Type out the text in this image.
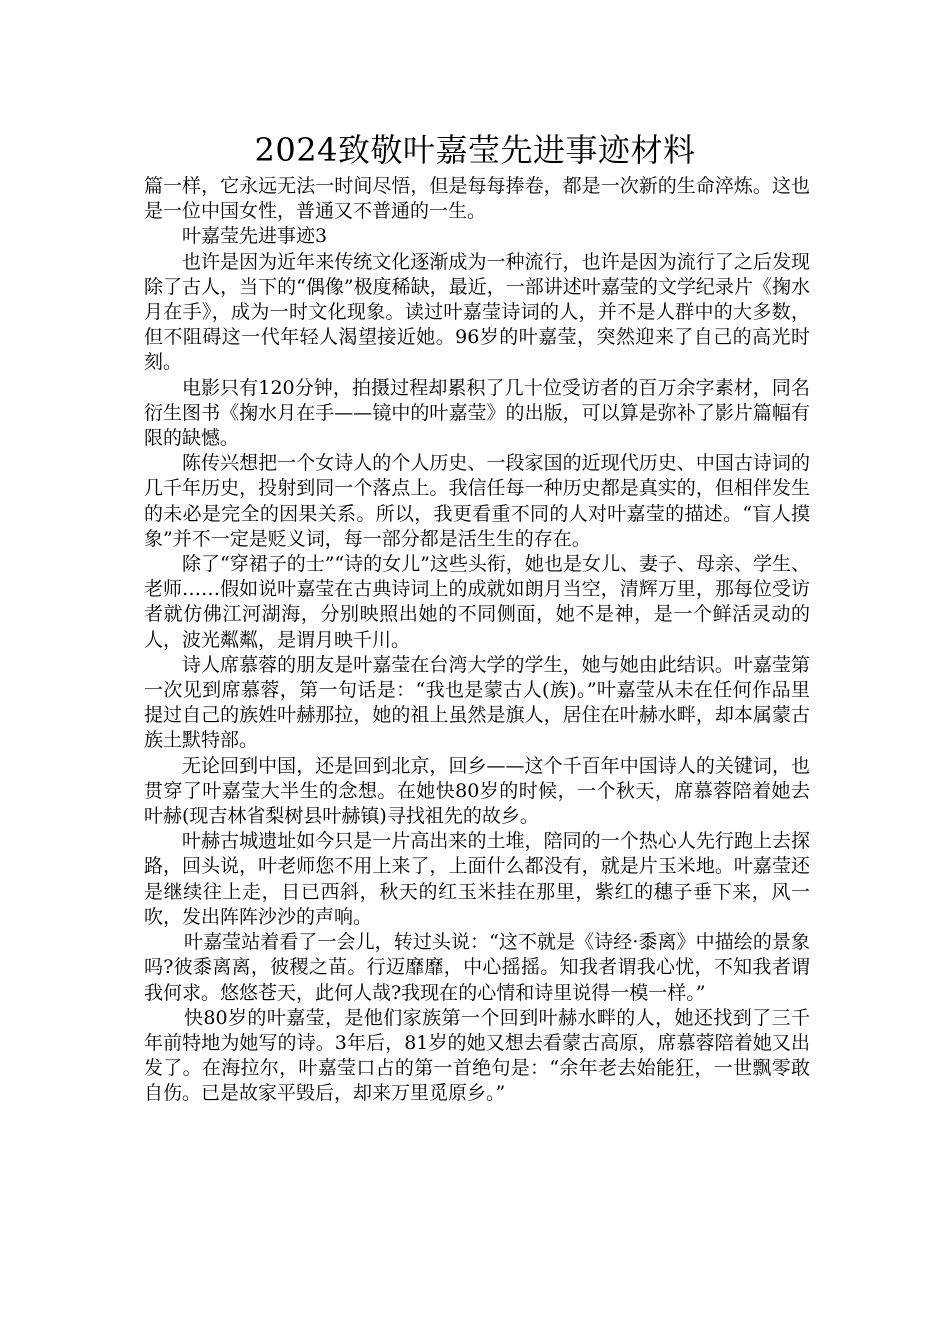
2024致敬叶嘉莹先进事迹材料

篇一样，它永远无法一时间尽悟，但是每每捧卷，都是一次新的生命淬炼。这也是一位中国女性，普通又不普通的一生。

叶嘉莹先进事迹3

也许是因为近年来传统文化逐渐成为一种流行，也许是因为流行了之后发现除了古人，当下的“偶像”极度稀缺，最近，一部讲述叶嘉莹的文学纪录片《掬水月在手》，成为一时文化现象。读过叶嘉莹诗词的人，并不是人群中的大多数，但不阻碍这一代年轻人渴望接近她。96岁的叶嘉莹，突然迎来了自己的高光时刻。

电影只有120分钟，拍摄过程却累积了几十位受访者的百万余字素材，同名衍生图书《掬水月在手——镜中的叶嘉莹》的出版，可以算是弥补了影片篇幅有限的缺憾。

陈传兴想把一个女诗人的个人历史、一段家国的近现代历史、中国古诗词的几千年历史，投射到同一个落点上。我信任每一种历史都是真实的，但相伴发生的未必是完全的因果关系。所以，我更看重不同的人对叶嘉莹的描述。“盲人摸象”并不一定是贬义词，每一部分都是活生生的存在。

除了“穿裙子的士”“诗的女儿”这些头衔，她也是女儿、妻子、母亲、学生、老师……假如说叶嘉莹在古典诗词上的成就如朗月当空，清辉万里，那每位受访者就仿佛江河湖海，分别映照出她的不同侧面，她不是神，是一个鲜活灵动的人，波光粼粼，是谓月映千川。

诗人席慕蓉的朋友是叶嘉莹在台湾大学的学生，她与她由此结识。叶嘉莹第一次见到席慕蓉，第一句话是：“我也是蒙古人(族)。”叶嘉莹从未在任何作品里提过自己的族姓叶赫那拉，她的祖上虽然是旗人，居住在叶赫水畔，却本属蒙古族土默特部。

无论回到中国，还是回到北京，回乡——这个千百年中国诗人的关键词，也贯穿了叶嘉莹大半生的念想。在她快80岁的时候，一个秋天，席慕蓉陪着她去叶赫(现吉林省梨树县叶赫镇)寻找祖先的故乡。

叶赫古城遗址如今只是一片高出来的土堆，陪同的一个热心人先行跑上去探路，回头说，叶老师您不用上来了，上面什么都没有，就是片玉米地。叶嘉莹还是继续往上走，日已西斜，秋天的红玉米挂在那里，紫红的穗子垂下来，风一吹，发出阵阵沙沙的声响。

叶嘉莹站着看了一会儿，转过头说：“这不就是《诗经·黍离》中描绘的景象吗?彼黍离离，彼稷之苗。行迈靡靡，中心摇摇。知我者谓我心忧，不知我者谓我何求。悠悠苍天，此何人哉?我现在的心情和诗里说得一模一样。”

快80岁的叶嘉莹，是他们家族第一个回到叶赫水畔的人，她还找到了三千年前特地为她写的诗。3年后，81岁的她又想去看蒙古高原，席慕蓉陪着她又出发了。在海拉尔，叶嘉莹口占的第一首绝句是：“余年老去始能狂，一世飘零敢自伤。已是故家平毁后，却来万里觅原乡。”
